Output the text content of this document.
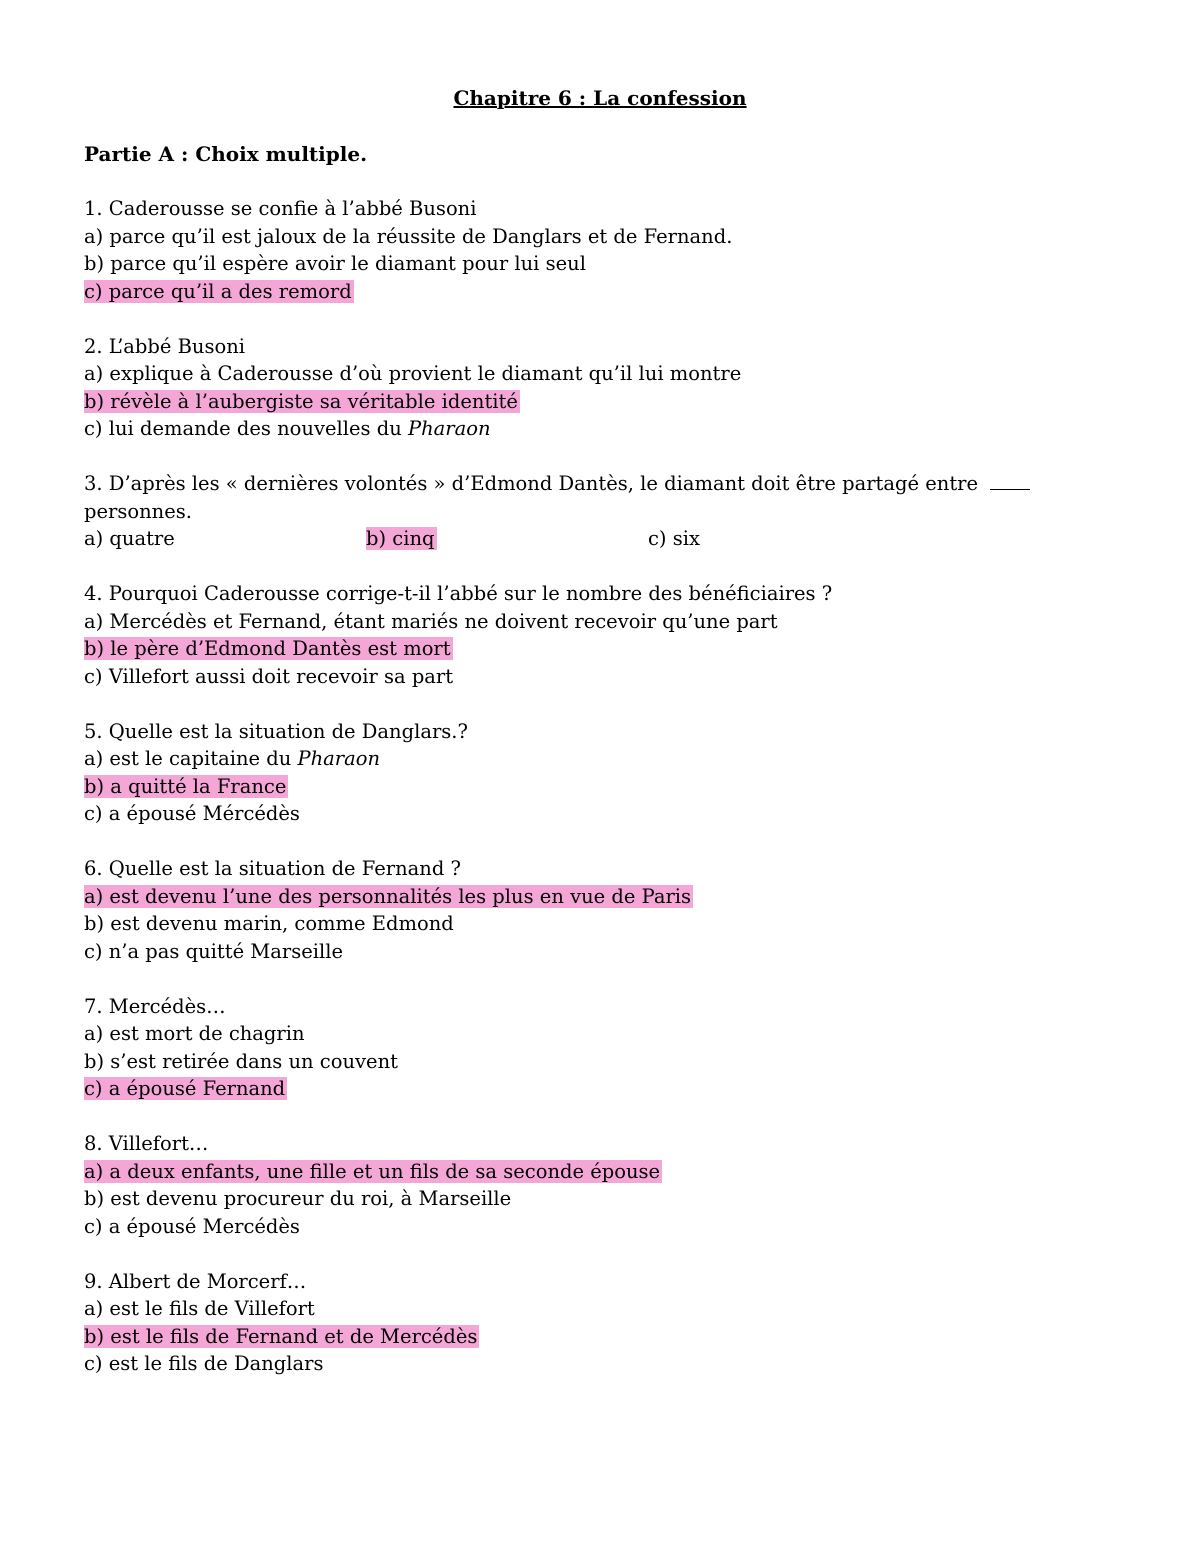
Chapitre 6 : La confession
Partie A : Choix multiple.
1. Caderousse se confie à l’abbé Busoni
a) parce qu’il est jaloux de la réussite de Danglars et de Fernand.
b) parce qu’il espère avoir le diamant pour lui seul
c) parce qu’il a des remord
2. L’abbé Busoni
a) explique à Caderousse d’où provient le diamant qu’il lui montre
b) révèle à l’aubergiste sa véritable identité
c) lui demande des nouvelles du Pharaon
3. D’après les « dernières volontés » d’Edmond Dantès, le diamant doit être partagé entre
personnes.
a) quatre	b) cinq	c) six
4. Pourquoi Caderousse corrige-t-il l’abbé sur le nombre des bénéficiaires ?
a) Mercédès et Fernand, étant mariés ne doivent recevoir qu’une part
b) le père d’Edmond Dantès est mort
c) Villefort aussi doit recevoir sa part
5. Quelle est la situation de Danglars.?
a) est le capitaine du Pharaon
b) a quitté la France
c) a épousé Mércédès
6. Quelle est la situation de Fernand ?
a) est devenu l’une des personnalités les plus en vue de Paris
b) est devenu marin, comme Edmond
c) n’a pas quitté Marseille
7. Mercédès…
a) est mort de chagrin
b) s’est retirée dans un couvent
c) a épousé Fernand
8. Villefort…
a) a deux enfants, une fille et un fils de sa seconde épouse
b) est devenu procureur du roi, à Marseille
c) a épousé Mercédès
9. Albert de Morcerf…
a) est le fils de Villefort
b) est le fils de Fernand et de Mercédès
c) est le fils de Danglars
